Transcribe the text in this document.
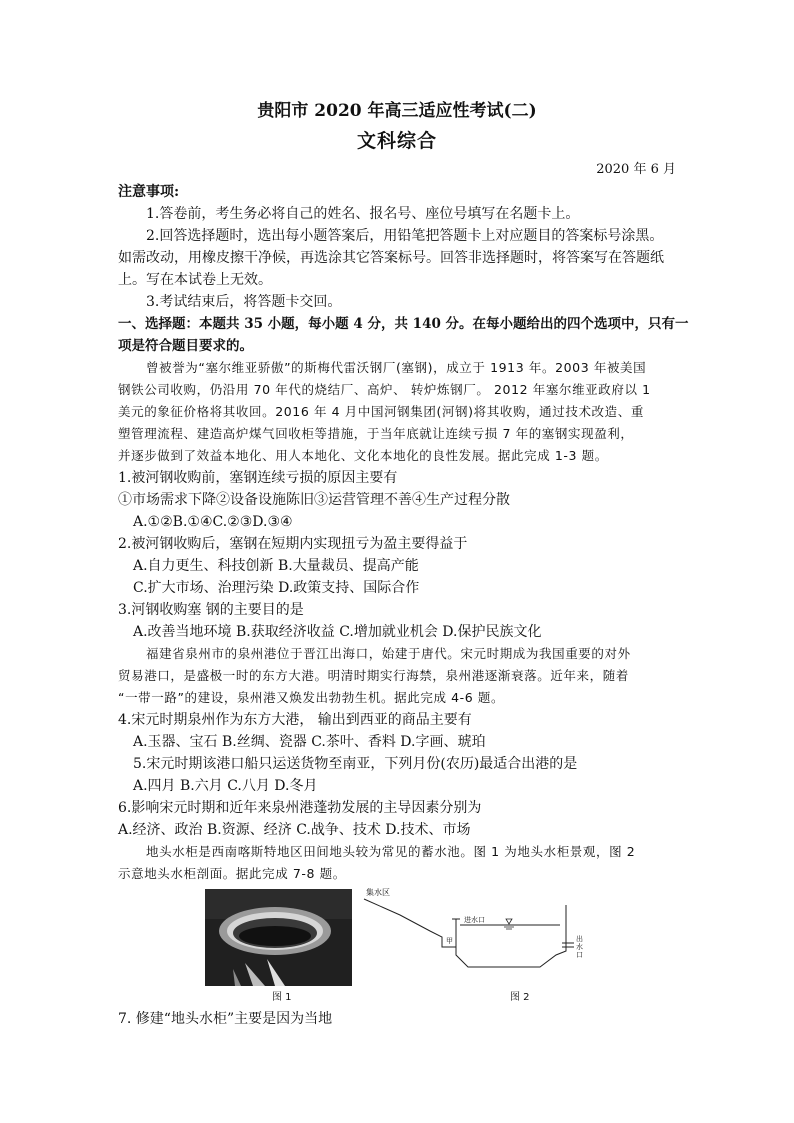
贵阳市 2020 年高三适应性考试(二)
文科综合
2020 年 6 月
注意事项:
1.答卷前，考生务必将自己的姓名、报名号、座位号填写在名题卡上。
2.回答选择题时，选出每小题答案后，用铅笔把答题卡上对应题目的答案标号涂黑。
如需改动，用橡皮擦干净候，再选涂其它答案标号。回答非选择题时，将答案写在答题纸
上。写在本试卷上无效。
3.考试结束后，将答题卡交回。
一、选择题：本题共 35 小题，每小题 4 分，共 140 分。在每小题给出的四个选项中，只有一
项是符合题目要求的。
曾被誉为“塞尔维亚骄傲”的斯梅代雷沃钢厂(塞钢)，成立于 1913 年。2003 年被美国
钢铁公司收购，仍沿用 70 年代的烧结厂、高炉、 转炉炼钢厂。 2012 年塞尔维亚政府以 1
美元的象征价格将其收回。2016 年 4 月中国河钢集团(河钢)将其收购，通过技术改造、重
塑管理流程、建造高炉煤气回收柜等措施，于当年底就让连续亏损 7 年的塞钢实现盈利，
并逐步做到了效益本地化、用人本地化、文化本地化的良性发展。据此完成 1-3 题。
1.被河钢收购前，塞钢连续亏损的原因主要有
①市场需求下降②设备设施陈旧③运营管理不善④生产过程分散
A.①②B.①④C.②③D.③④
2.被河钢收购后，塞钢在短期内实现扭亏为盈主要得益于
A.自力更生、科技创新 B.大量裁员、提高产能
C.扩大市场、治理污染 D.政策支持、国际合作
3.河钢收购塞 钢的主要目的是
A.改善当地环境 B.获取经济收益 C.增加就业机会 D.保护民族文化
福建省泉州市的泉州港位于晋江出海口，始建于唐代。宋元时期成为我国重要的对外
贸易港口，是盛极一时的东方大港。明清时期实行海禁，泉州港逐渐衰落。近年来，随着
“一带一路”的建设，泉州港又焕发出勃勃生机。据此完成 4-6 题。
4.宋元时期泉州作为东方大港， 输出到西亚的商品主要有
A.玉器、宝石 B.丝绸、瓷器 C.茶叶、香料 D.字画、琥珀
5.宋元时期该港口船只运送货物至南亚，下列月份(农历)最适合出港的是
A.四月 B.六月 C.八月 D.冬月
6.影响宋元时期和近年来泉州港蓬勃发展的主导因素分别为
A.经济、政治 B.资源、经济 C.战争、技术 D.技术、市场
地头水柜是西南喀斯特地区田间地头较为常见的蓄水池。图 1 为地头水柜景观，图 2
示意地头水柜剖面。据此完成 7-8 题。
图 1
集水区
进水口
甲	出
水
口
图 2
7. 修建“地头水柜”主要是因为当地
